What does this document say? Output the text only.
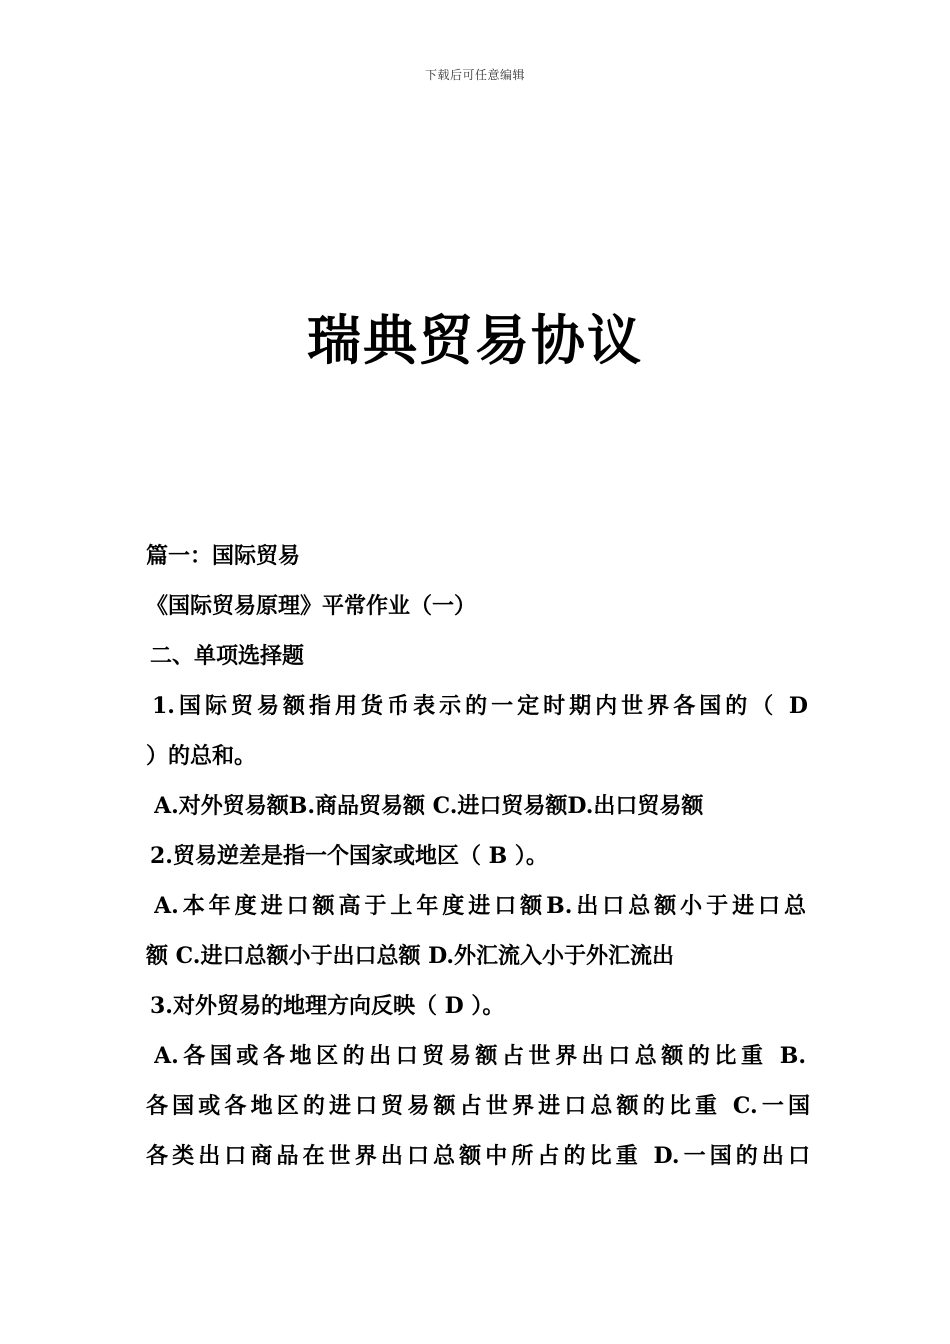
下载后可任意编辑
瑞典贸易协议
篇一：国际贸易
《国际贸易原理》平常作业（一）
二、单项选择题
1.国际贸易额指用货币表示的一定时期内世界各国的（ D
）的总和。
A.对外贸易额B.商品贸易额 C.进口贸易额D.出口贸易额
2.贸易逆差是指一个国家或地区（ B ）。
A.本年度进口额高于上年度进口额B.出口总额小于进口总
额 C.进口总额小于出口总额 D.外汇流入小于外汇流出
3.对外贸易的地理方向反映（ D ）。
A.各国或各地区的出口贸易额占世界出口总额的比重 B.
各国或各地区的进口贸易额占世界进口总额的比重 C.一国
各类出口商品在世界出口总额中所占的比重 D.一国的出口
